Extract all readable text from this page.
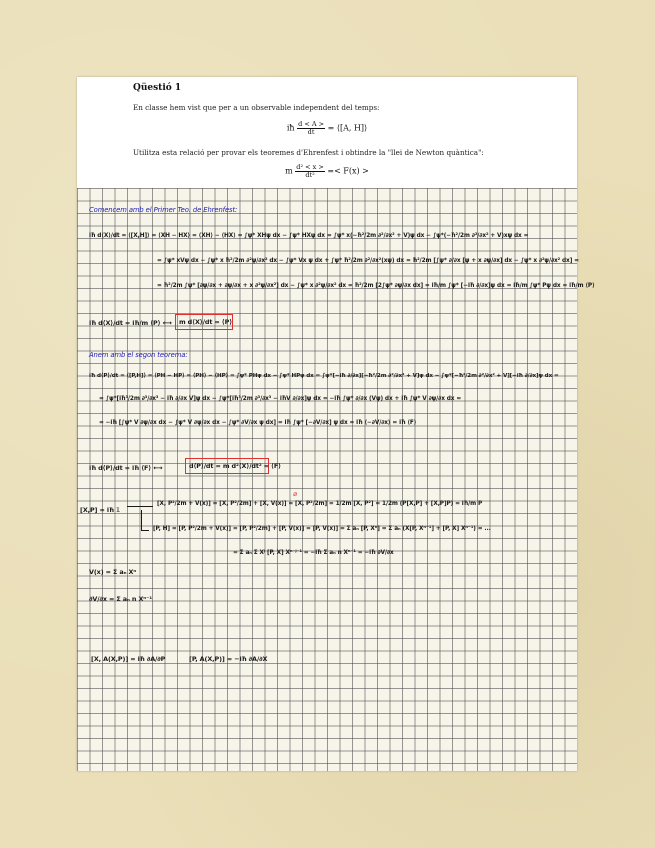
Qüestió 1
En classe hem vist que per a un observable independent del temps:
iħ $\frac{d < A >}{dt}$ = ⟨[A, H]⟩
Utilitza esta relació per provar els teoremes d'Ehrenfest i obtindre la "llei de Newton quàntica":
m $\frac{\text{d² < x >}}{\text{dt²}} =< F(x)$ >
Comencem amb el Primer Teo. de Ehrenfest:
iħ d⟨X⟩/dt = ⟨[X,H]⟩ = ⟨XH − HX⟩ = ⟨XH⟩ − ⟨HX⟩ = ∫ψ* XHψ dx − ∫ψ* HXψ dx = ∫ψ* x(−ħ²/2m ∂²/∂x² + V)ψ dx − ∫ψ*(−ħ²/2m ∂²/∂x² + V)xψ dx =
= ∫ψ* xVψ dx − ∫ψ* x ħ²/2m ∂²ψ/∂x² dx − ∫ψ* Vx ψ dx + ∫ψ* ħ²/2m ∂²/∂x²(xψ) dx = ħ²/2m [∫ψ* ∂/∂x [ψ + x ∂ψ/∂x] dx − ∫ψ* x ∂²ψ/∂x² dx] =
= ħ²/2m ∫ψ* [∂ψ/∂x + ∂ψ/∂x + x ∂²ψ/∂x²] dx − ∫ψ* x ∂²ψ/∂x² dx = ħ²/2m [2∫ψ* ∂ψ/∂x dx] = iħ/m ∫ψ* [−iħ ∂/∂x]ψ dx = iħ/m ∫ψ* Pψ dx = iħ/m ⟨P⟩
iħ d⟨X⟩/dt = iħ/m ⟨P⟩ ⟷ m d⟨X⟩/dt = ⟨P⟩
Anem amb el segon teorema:
iħ d⟨P⟩/dt = ⟨[P,H]⟩ = ⟨PH − HP⟩ = ⟨PH⟩ − ⟨HP⟩ = ∫ψ* PHψ dx − ∫ψ* HPψ dx = ∫ψ*[−iħ ∂/∂x][−ħ²/2m ∂²/∂x² + V]ψ dx − ∫ψ*[−ħ²/2m ∂²/∂x² + V][−iħ ∂/∂x]ψ dx =
= ∫ψ*[iħ³/2m ∂³/∂x³ − iħ ∂/∂x V]ψ dx − ∫ψ*[iħ³/2m ∂³/∂x³ − iħV ∂/∂x]ψ dx = −iħ ∫ψ* ∂/∂x (Vψ) dx + iħ ∫ψ* V ∂ψ/∂x dx =
= −iħ [∫ψ* V ∂ψ/∂x dx − ∫ψ* V ∂ψ/∂x dx − ∫ψ* ∂V/∂x ψ dx] = iħ ∫ψ* [−∂V/∂x] ψ dx = iħ ⟨−∂V/∂x⟩ = iħ ⟨F⟩
iħ d⟨P⟩/dt = iħ ⟨F⟩ ⟷	d⟨P⟩/dt = m d²⟨X⟩/dt² = ⟨F⟩
[X,P] = iħ 𝟙
[X, P²/2m + V(x)] = [X, P²/2m] + [X, V(x)] = [X, P²/2m] = 1/2m [X, P²] = 1/2m (P[X,P] + [X,P]P) = iħ/m P
⌀
[P, H] = [P, P²/2m + V(x)] = [P, P²/2m] + [P, V(x)] = [P, V(x)] = Σ aₙ [P, Xⁿ] = Σ aₙ (X[P, Xⁿ⁻¹] + [P, X] Xⁿ⁻¹) = ...
= Σ aₙ Σ Xʲ [P, X] Xⁿ⁻ʲ⁻¹ = −iħ Σ aₙ n Xⁿ⁻¹ = −iħ ∂V/∂x
V(x) = Σ aₙ Xⁿ
∂V/∂x = Σ aₙ n Xⁿ⁻¹
[X, A(X,P)] = iħ ∂A/∂P	[P, A(X,P)] = −iħ ∂A/∂X
